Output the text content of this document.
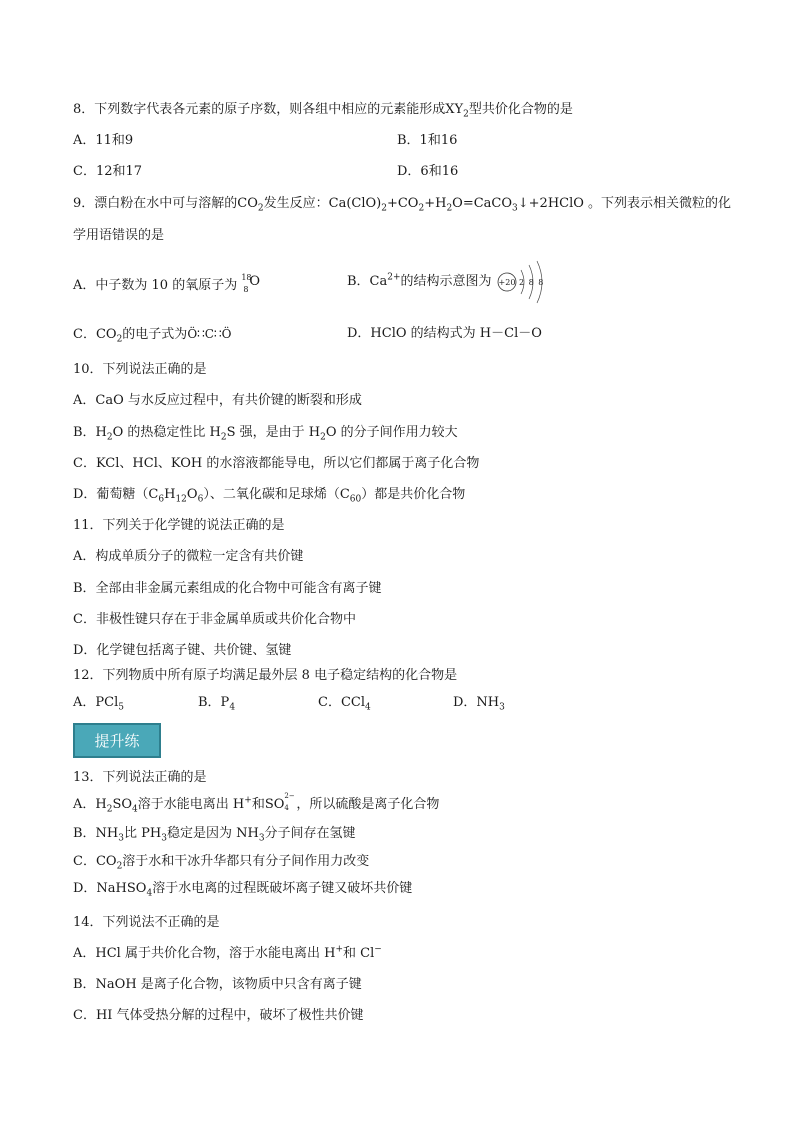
8．下列数字代表各元素的原子序数，则各组中相应的元素能形成$XY_2$型共价化合物的是
A．11和9	B．1和16
C．12和17	D．6和16
9．漂白粉在水中可与溶解的$CO_2$发生反应：$Ca(ClO)_2+CO_2+H_2O=CaCO_3↓+2HClO$ 。下列表示相关微粒的化
学用语错误的是
A．中子数为 10 的氧原子为
18
8
O	B．$Ca^{2+}$的结构示意图为 +20 2 8 8
C．$CO_2$的电子式为Ö∷C∷Ö	D．HClO 的结构式为 H－Cl－O
10．下列说法正确的是
A．CaO 与水反应过程中，有共价键的断裂和形成
B．$H_2O$ 的热稳定性比 $H_2S$ 强，是由于 $H_2O$ 的分子间作用力较大
C．KCl、HCl、KOH 的水溶液都能导电，所以它们都属于离子化合物
D．葡萄糖$(C_6H_{12}O_6)$、二氧化碳和足球烯$(C_{60})$都是共价化合物
11．下列关于化学键的说法正确的是
A．构成单质分子的微粒一定含有共价键
B．全部由非金属元素组成的化合物中可能含有离子键
C．非极性键只存在于非金属单质或共价化合物中
D．化学键包括离子键、共价键、氢键
12．下列物质中所有原子均满足最外层 8 电子稳定结构的化合物是
A．PCl$_5$	B．$P_4$	C．CCl$_4$	D．$NH_3$
提升练
13．下列说法正确的是
A．$H_2SO_4$溶于水能电离出 H+和SO
2−
4 ，所以硫酸是离子化合物
B．$NH_3$比 $PH_3$稳定是因为 $NH_3$分子间存在氢键
C．$CO_2$溶于水和干冰升华都只有分子间作用力改变
D．NaHSO$_4$溶于水电离的过程既破坏离子键又破坏共价键
14．下列说法不正确的是
A．HCl 属于共价化合物，溶于水能电离出 H+和 Cl−
B．NaOH 是离子化合物，该物质中只含有离子键
C．HI 气体受热分解的过程中，破坏了极性共价键
